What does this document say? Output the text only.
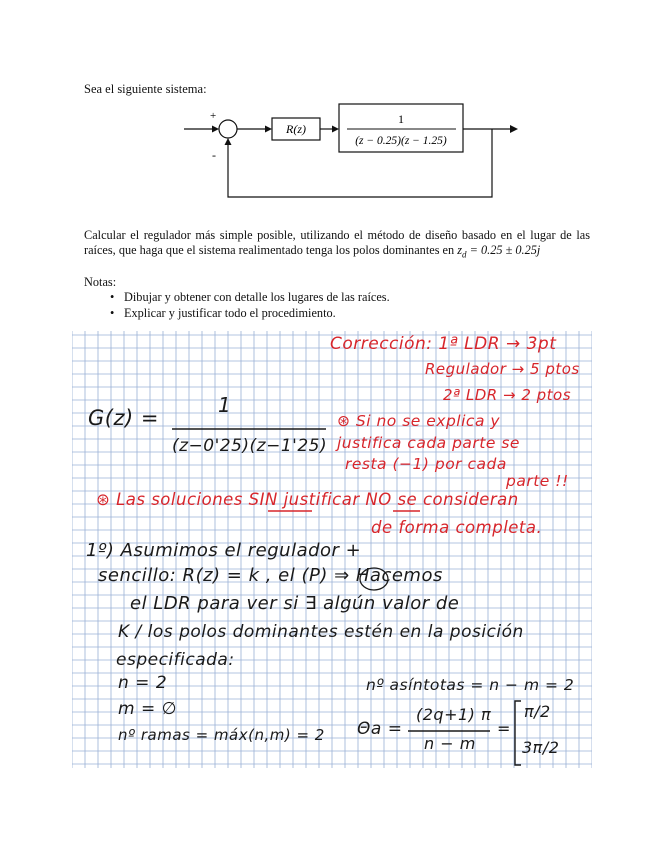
Sea el siguiente sistema:
+
-
R(z)
1
(z − 0.25)(z − 1.25)
Calcular el regulador más simple posible, utilizando el método de diseño basado en el lugar de las raíces, que haga que el sistema realimentado tenga los polos dominantes en $z_d = 0.25 \pm 0.25j$
Notas:
• Dibujar y obtener con detalle los lugares de las raíces.
• Explicar y justificar todo el procedimiento.
Corrección: 1ª LDR → 3pt
Regulador → 5 ptos
2ª LDR → 2 ptos
G(z) =
1
(z−0'25)(z−1'25)
⊛ Si no se explica y
justifica cada parte se
resta (−1) por cada
parte !!
⊛ Las soluciones SIN justificar NO se consideran
de forma completa.
1º) Asumimos el regulador +
sencillo: R(z) = k , el (P) ⇒ Hacemos
el LDR para ver si ∃ algún valor de
K / los polos dominantes estén en la posición
especificada:
n = 2
m = ∅
nº ramas = máx(n,m) = 2
nº asíntotas = n − m = 2
Θa =
(2q+1) π
n − m
=
π/2
3π/2
